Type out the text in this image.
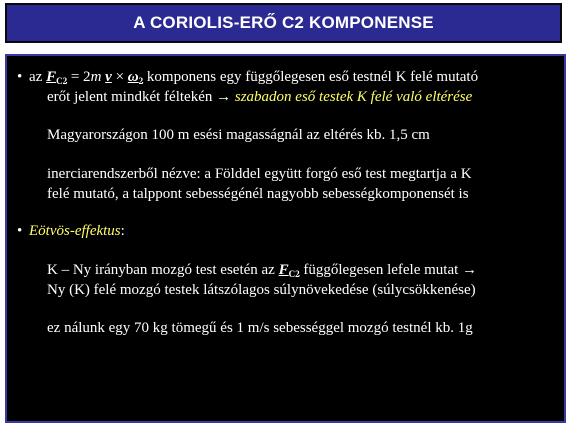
A CORIOLIS-ERŐ C2 KOMPONENSE
• az $F_{C2} = 2m$ $v \times \omega_2$ komponens egy függőlegesen eső testnél K felé mutató
erőt jelent mindkét féltekén → szabadon eső testek K felé való eltérése
Magyarországon 100 m esési magasságnál az eltérés kb. 1,5 cm
inerciarendszerből nézve: a Földdel együtt forgó eső test megtartja a K
felé mutató, a talppont sebességénél nagyobb sebességkomponensét is
• Eötvös-effektus:
K – Ny irányban mozgó test esetén az $F_{C2}$ függőlegesen lefele mutat →
Ny (K) felé mozgó testek látszólagos súlynövekedése (súlycsökkenése)
ez nálunk egy 70 kg tömegű és 1 m/s sebességgel mozgó testnél kb. 1g
